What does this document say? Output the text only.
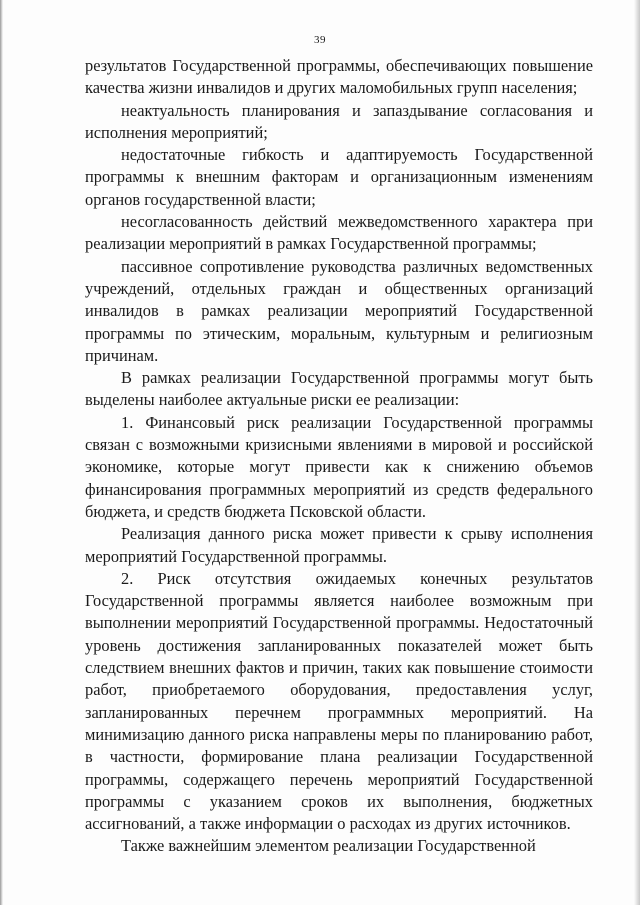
39

результатов Государственной программы, обеспечивающих повышение качества жизни инвалидов и других маломобильных групп населения;

неактуальность планирования и запаздывание согласования и исполнения мероприятий;

недостаточные гибкость и адаптируемость Государственной программы к внешним факторам и организационным изменениям органов государственной власти;

несогласованность действий межведомственного характера при реализации мероприятий в рамках Государственной программы;

пассивное сопротивление руководства различных ведомственных учреждений, отдельных граждан и общественных организаций инвалидов в рамках реализации мероприятий Государственной программы по этическим, моральным, культурным и религиозным причинам.

В рамках реализации Государственной программы могут быть выделены наиболее актуальные риски ее реализации:

1. Финансовый риск реализации Государственной программы связан с возможными кризисными явлениями в мировой и российской экономике, которые могут привести как к снижению объемов финансирования программных мероприятий из средств федерального бюджета, и средств бюджета Псковской области.

Реализация данного риска может привести к срыву исполнения мероприятий Государственной программы.

2. Риск отсутствия ожидаемых конечных результатов Государственной программы является наиболее возможным при выполнении мероприятий Государственной программы. Недостаточный уровень достижения запланированных показателей может быть следствием внешних фактов и причин, таких как повышение стоимости работ, приобретаемого оборудования, предоставления услуг, запланированных перечнем программных мероприятий. На минимизацию данного риска направлены меры по планированию работ, в частности, формирование плана реализации Государственной программы, содержащего перечень мероприятий Государственной программы с указанием сроков их выполнения, бюджетных ассигнований, а также информации о расходах из других источников.

Также важнейшим элементом реализации Государственной
